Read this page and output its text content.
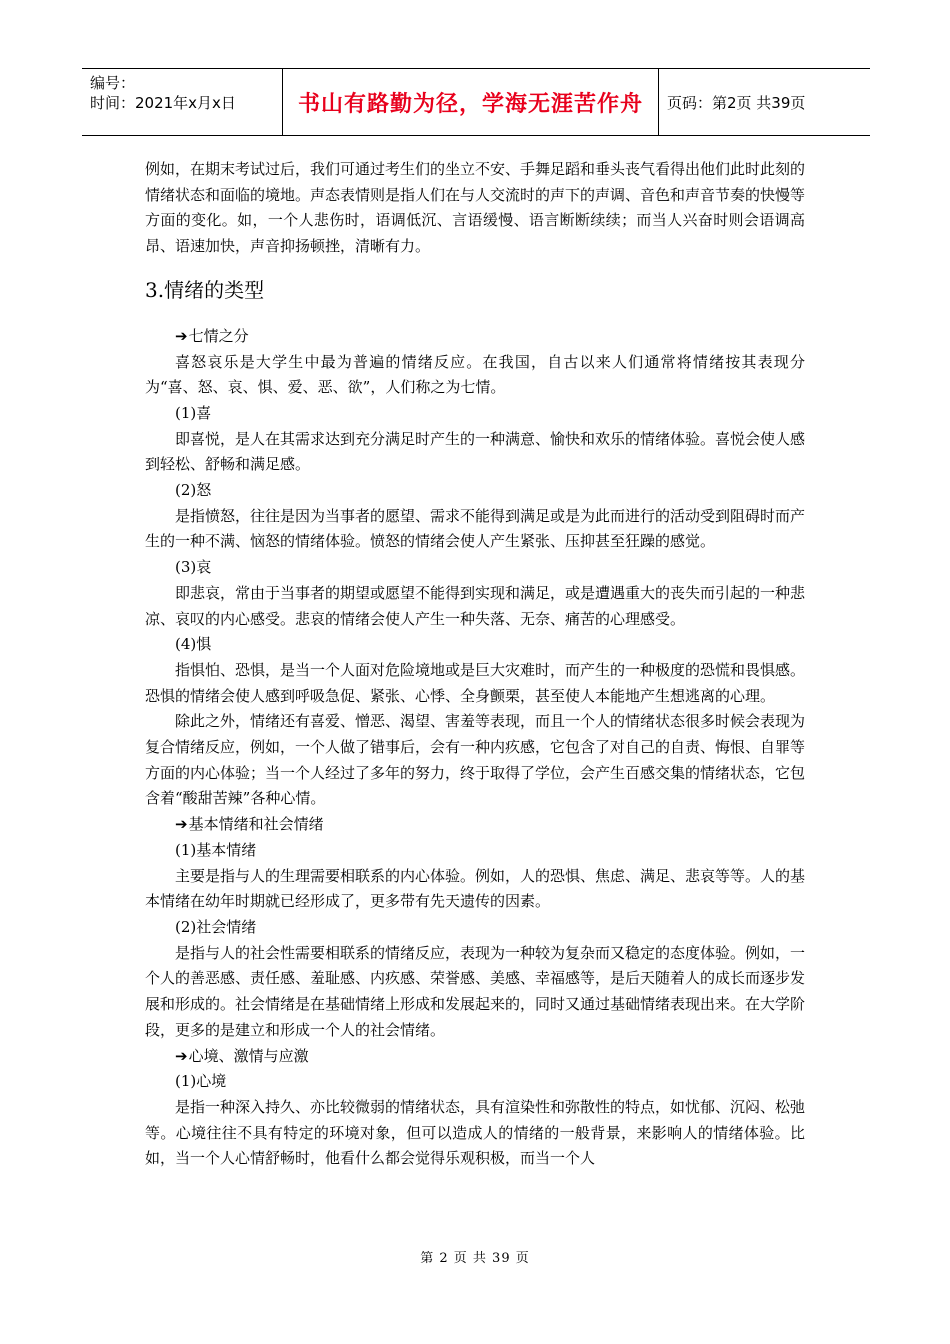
编号：
时间：2021年x月x日	书山有路勤为径，学海无涯苦作舟	页码：第2页 共39页

例如，在期末考试过后，我们可通过考生们的坐立不安、手舞足蹈和垂头丧气看得出他们此时此刻的情绪状态和面临的境地。声态表情则是指人们在与人交流时的声下的声调、音色和声音节奏的快慢等方面的变化。如，一个人悲伤时，语调低沉、言语缓慢、语言断断续续；而当人兴奋时则会语调高昂、语速加快，声音抑扬顿挫，清晰有力。

3.情绪的类型
➔七情之分

喜怒哀乐是大学生中最为普遍的情绪反应。在我国，自古以来人们通常将情绪按其表现分为“喜、怒、哀、惧、爱、恶、欲”，人们称之为七情。

(1)喜

即喜悦，是人在其需求达到充分满足时产生的一种满意、愉快和欢乐的情绪体验。喜悦会使人感到轻松、舒畅和满足感。

(2)怒

是指愤怒，往往是因为当事者的愿望、需求不能得到满足或是为此而进行的活动受到阻碍时而产生的一种不满、恼怒的情绪体验。愤怒的情绪会使人产生紧张、压抑甚至狂躁的感觉。

(3)哀

即悲哀，常由于当事者的期望或愿望不能得到实现和满足，或是遭遇重大的丧失而引起的一种悲凉、哀叹的内心感受。悲哀的情绪会使人产生一种失落、无奈、痛苦的心理感受。

(4)惧

指惧怕、恐惧，是当一个人面对危险境地或是巨大灾难时，而产生的一种极度的恐慌和畏惧感。恐惧的情绪会使人感到呼吸急促、紧张、心悸、全身颤栗，甚至使人本能地产生想逃离的心理。

除此之外，情绪还有喜爱、憎恶、渴望、害羞等表现，而且一个人的情绪状态很多时候会表现为复合情绪反应，例如，一个人做了错事后，会有一种内疚感，它包含了对自己的自责、悔恨、自罪等方面的内心体验；当一个人经过了多年的努力，终于取得了学位，会产生百感交集的情绪状态，它包含着“酸甜苦辣”各种心情。

➔基本情绪和社会情绪
(1)基本情绪

主要是指与人的生理需要相联系的内心体验。例如，人的恐惧、焦虑、满足、悲哀等等。人的基本情绪在幼年时期就已经形成了，更多带有先天遗传的因素。

(2)社会情绪

是指与人的社会性需要相联系的情绪反应，表现为一种较为复杂而又稳定的态度体验。例如，一个人的善恶感、责任感、羞耻感、内疚感、荣誉感、美感、幸福感等，是后天随着人的成长而逐步发展和形成的。社会情绪是在基础情绪上形成和发展起来的，同时又通过基础情绪表现出来。在大学阶段，更多的是建立和形成一个人的社会情绪。

➔心境、激情与应激
(1)心境

是指一种深入持久、亦比较微弱的情绪状态，具有渲染性和弥散性的特点，如忧郁、沉闷、松弛等。心境往往不具有特定的环境对象，但可以造成人的情绪的一般背景，来影响人的情绪体验。比如，当一个人心情舒畅时，他看什么都会觉得乐观积极，而当一个人

第 2 页 共 39 页
